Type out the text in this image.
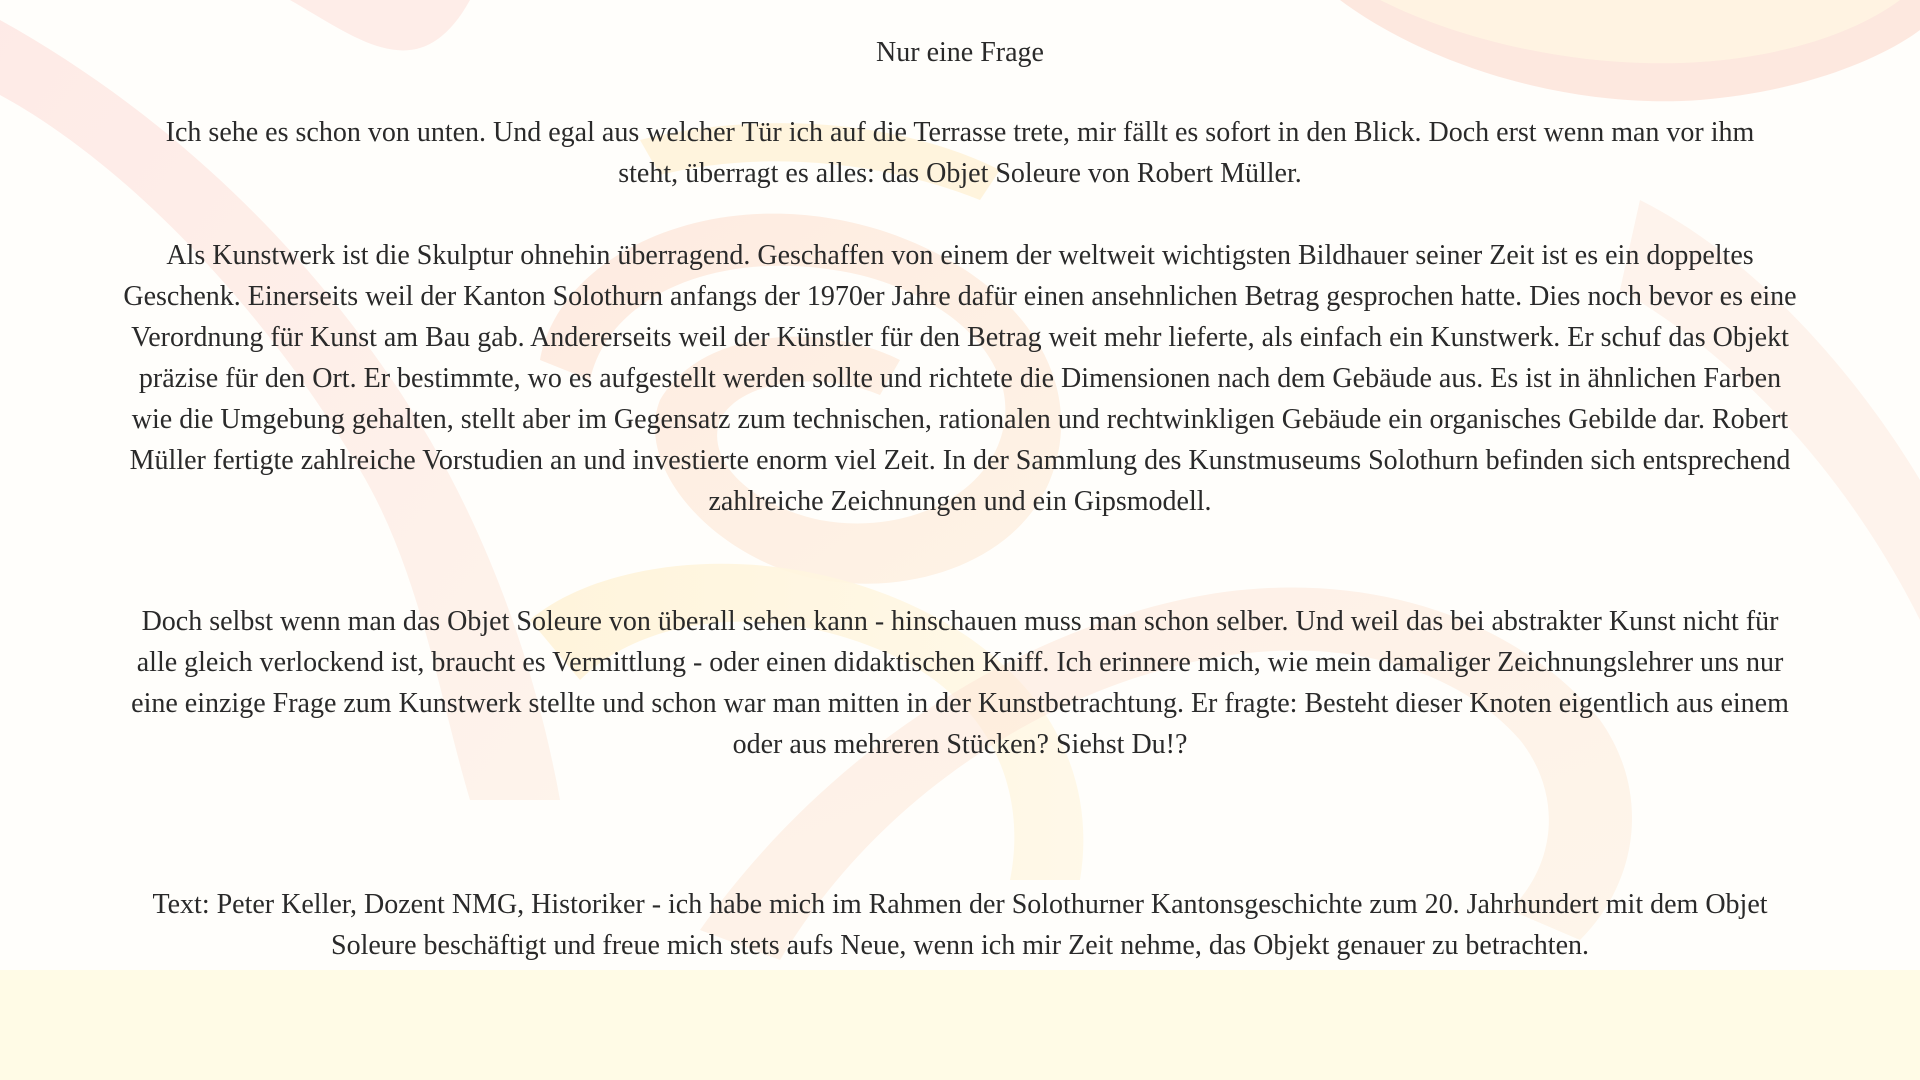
Nur eine Frage

Ich sehe es schon von unten. Und egal aus welcher Tür ich auf die Terrasse trete, mir fällt es sofort in den Blick. Doch erst wenn man vor ihm steht, überragt es alles: das Objet Soleure von Robert Müller.

Als Kunstwerk ist die Skulptur ohnehin überragend. Geschaffen von einem der weltweit wichtigsten Bildhauer seiner Zeit ist es ein doppeltes Geschenk. Einerseits weil der Kanton Solothurn anfangs der 1970er Jahre dafür einen ansehnlichen Betrag gesprochen hatte. Dies noch bevor es eine Verordnung für Kunst am Bau gab. Andererseits weil der Künstler für den Betrag weit mehr lieferte, als einfach ein Kunstwerk. Er schuf das Objekt präzise für den Ort. Er bestimmte, wo es aufgestellt werden sollte und richtete die Dimensionen nach dem Gebäude aus. Es ist in ähnlichen Farben wie die Umgebung gehalten, stellt aber im Gegensatz zum technischen, rationalen und rechtwinkligen Gebäude ein organisches Gebilde dar. Robert Müller fertigte zahlreiche Vorstudien an und investierte enorm viel Zeit. In der Sammlung des Kunstmuseums Solothurn befinden sich entsprechend zahlreiche Zeichnungen und ein Gipsmodell.

Doch selbst wenn man das Objet Soleure von überall sehen kann - hinschauen muss man schon selber. Und weil das bei abstrakter Kunst nicht für alle gleich verlockend ist, braucht es Vermittlung - oder einen didaktischen Kniff. Ich erinnere mich, wie mein damaliger Zeichnungslehrer uns nur eine einzige Frage zum Kunstwerk stellte und schon war man mitten in der Kunstbetrachtung. Er fragte: Besteht dieser Knoten eigentlich aus einem oder aus mehreren Stücken? Siehst Du!?

Text: Peter Keller, Dozent NMG, Historiker - ich habe mich im Rahmen der Solothurner Kantonsgeschichte zum 20. Jahrhundert mit dem Objet Soleure beschäftigt und freue mich stets aufs Neue, wenn ich mir Zeit nehme, das Objekt genauer zu betrachten.
